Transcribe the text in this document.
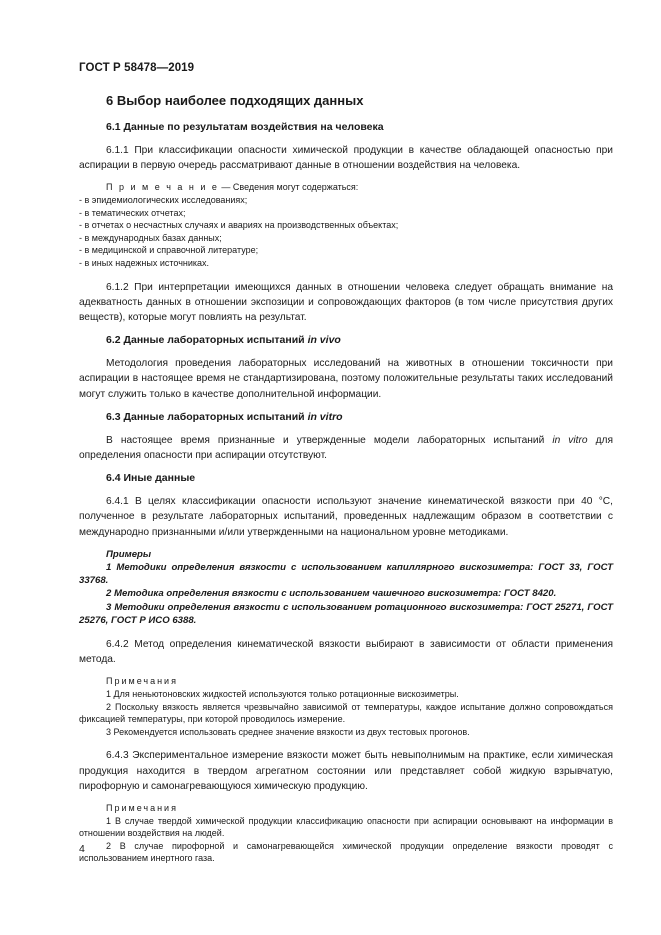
ГОСТ Р 58478—2019
6 Выбор наиболее подходящих данных
6.1 Данные по результатам воздействия на человека

6.1.1 При классификации опасности химической продукции в качестве обладающей опасностью при аспирации в первую очередь рассматривают данные в отношении воздействия на человека.

П р и м е ч а н и е — Сведения могут содержаться:
- в эпидемиологических исследованиях;
- в тематических отчетах;
- в отчетах о несчастных случаях и авариях на производственных объектах;
- в международных базах данных;
- в медицинской и справочной литературе;
- в иных надежных источниках.

6.1.2 При интерпретации имеющихся данных в отношении человека следует обращать внимание на адекватность данных в отношении экспозиции и сопровождающих факторов (в том числе присутствия других веществ), которые могут повлиять на результат.

6.2 Данные лабораторных испытаний in vivo

Методология проведения лабораторных исследований на животных в отношении токсичности при аспирации в настоящее время не стандартизирована, поэтому положительные результаты таких исследований могут служить только в качестве дополнительной информации.

6.3 Данные лабораторных испытаний in vitro

В настоящее время признанные и утвержденные модели лабораторных испытаний in vitro для определения опасности при аспирации отсутствуют.

6.4 Иные данные

6.4.1 В целях классификации опасности используют значение кинематической вязкости при 40 °С, полученное в результате лабораторных испытаний, проведенных надлежащим образом в соответствии с международно признанными и/или утвержденными на национальном уровне методиками.

Примеры
1 Методики определения вязкости с использованием капиллярного вискозиметра: ГОСТ 33, ГОСТ 33768.
2 Методика определения вязкости с использованием чашечного вискозиметра: ГОСТ 8420.
3 Методики определения вязкости с использованием ротационного вискозиметра: ГОСТ 25271, ГОСТ 25276, ГОСТ Р ИСО 6388.

6.4.2 Метод определения кинематической вязкости выбирают в зависимости от области применения метода.

Примечания
1 Для неньютоновских жидкостей используются только ротационные вискозиметры.
2 Поскольку вязкость является чрезвычайно зависимой от температуры, каждое испытание должно сопровождаться фиксацией температуры, при которой проводилось измерение.
3 Рекомендуется использовать среднее значение вязкости из двух тестовых прогонов.

6.4.3 Экспериментальное измерение вязкости может быть невыполнимым на практике, если химическая продукция находится в твердом агрегатном состоянии или представляет собой жидкую взрывчатую, пирофорную и самонагревающуюся химическую продукцию.

Примечания
1 В случае твердой химической продукции классификацию опасности при аспирации основывают на информации в отношении воздействия на людей.
2 В случае пирофорной и самонагревающейся химической продукции определение вязкости проводят с использованием инертного газа.
4
